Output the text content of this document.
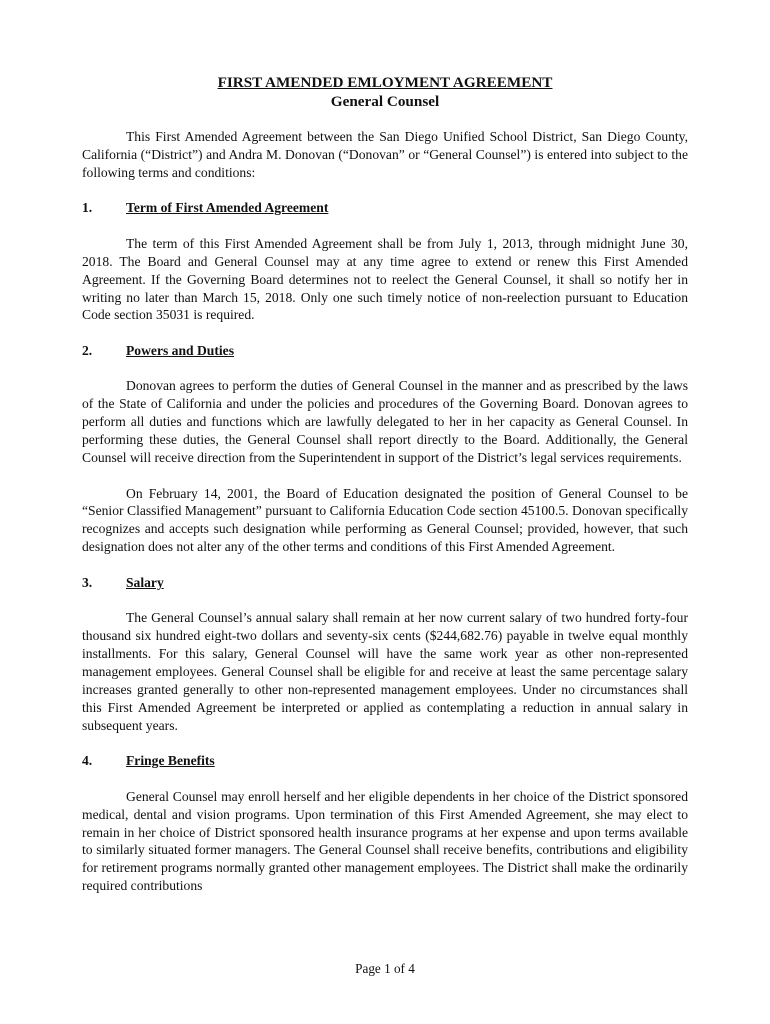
FIRST AMENDED EMLOYMENT AGREEMENT
General Counsel

This First Amended Agreement between the San Diego Unified School District, San Diego County, California (“District”) and Andra M. Donovan (“Donovan” or “General Counsel”) is entered into subject to the following terms and conditions:

1.	Term of First Amended Agreement

The term of this First Amended Agreement shall be from July 1, 2013, through midnight June 30, 2018. The Board and General Counsel may at any time agree to extend or renew this First Amended Agreement. If the Governing Board determines not to reelect the General Counsel, it shall so notify her in writing no later than March 15, 2018. Only one such timely notice of non-reelection pursuant to Education Code section 35031 is required.

2.	Powers and Duties

Donovan agrees to perform the duties of General Counsel in the manner and as prescribed by the laws of the State of California and under the policies and procedures of the Governing Board. Donovan agrees to perform all duties and functions which are lawfully delegated to her in her capacity as General Counsel. In performing these duties, the General Counsel shall report directly to the Board. Additionally, the General Counsel will receive direction from the Superintendent in support of the District’s legal services requirements.

On February 14, 2001, the Board of Education designated the position of General Counsel to be “Senior Classified Management” pursuant to California Education Code section 45100.5. Donovan specifically recognizes and accepts such designation while performing as General Counsel; provided, however, that such designation does not alter any of the other terms and conditions of this First Amended Agreement.

3.	Salary

The General Counsel’s annual salary shall remain at her now current salary of two hundred forty-four thousand six hundred eight-two dollars and seventy-six cents ($244,682.76) payable in twelve equal monthly installments. For this salary, General Counsel will have the same work year as other non-represented management employees. General Counsel shall be eligible for and receive at least the same percentage salary increases granted generally to other non-represented management employees. Under no circumstances shall this First Amended Agreement be interpreted or applied as contemplating a reduction in annual salary in subsequent years.

4.	Fringe Benefits

General Counsel may enroll herself and her eligible dependents in her choice of the District sponsored medical, dental and vision programs. Upon termination of this First Amended Agreement, she may elect to remain in her choice of District sponsored health insurance programs at her expense and upon terms available to similarly situated former managers. The General Counsel shall receive benefits, contributions and eligibility for retirement programs normally granted other management employees. The District shall make the ordinarily required contributions

Page 1 of 4
